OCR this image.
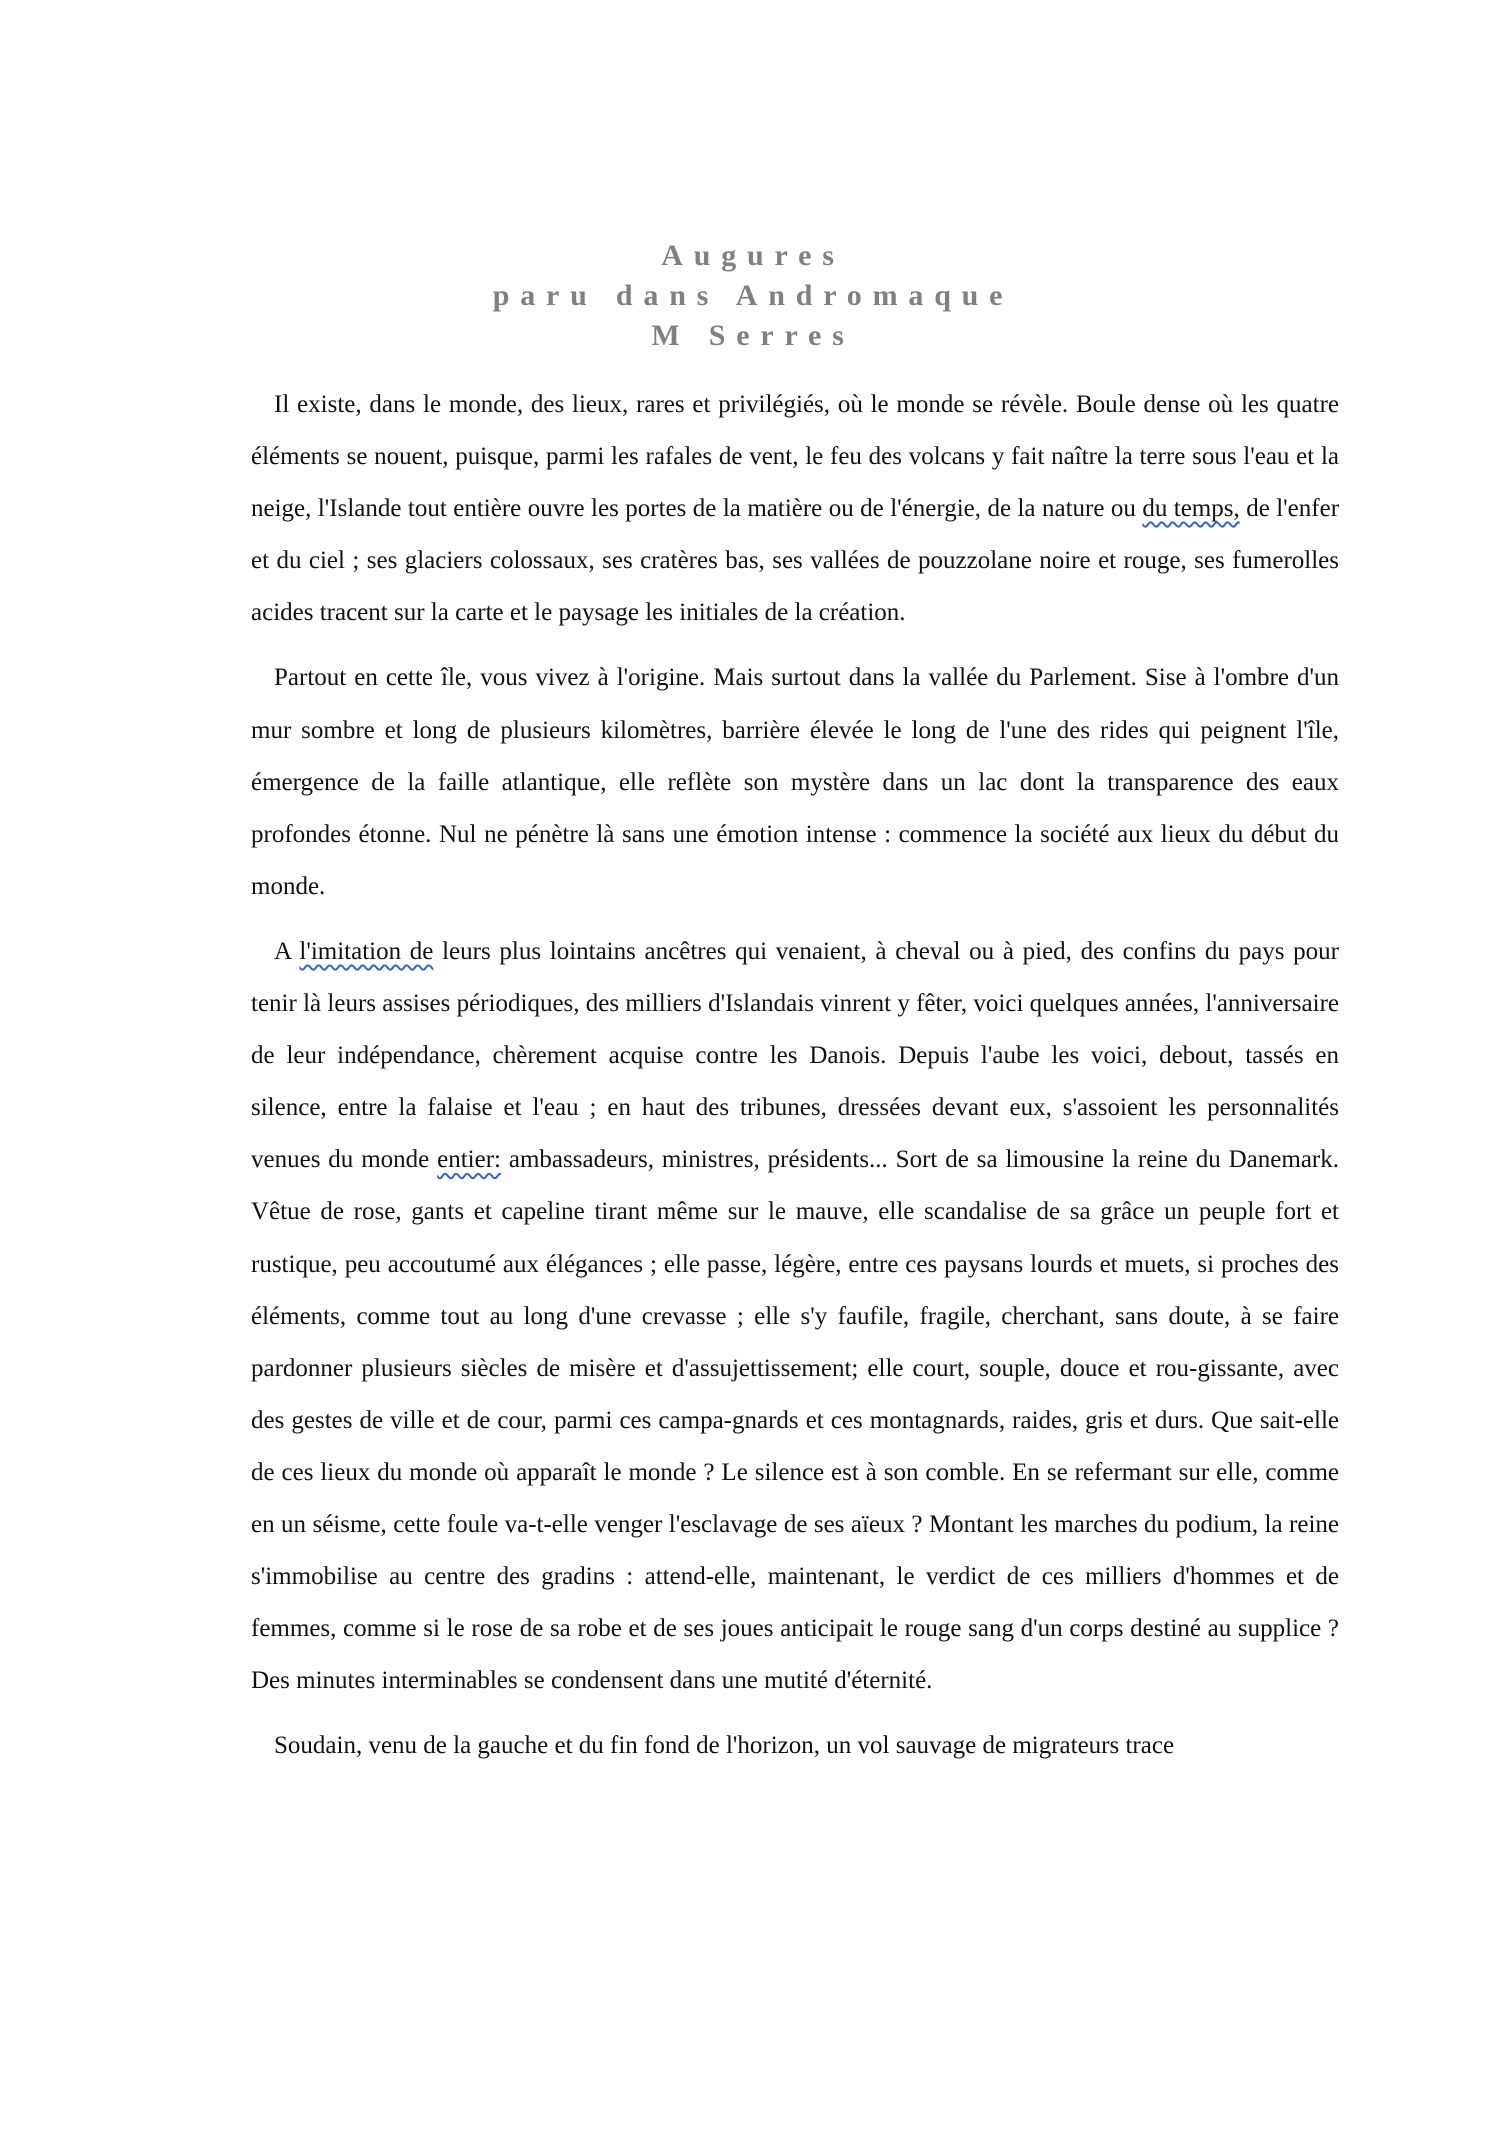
Augures
paru dans Andromaque
M Serres

Il existe, dans le monde, des lieux, rares et privilégiés, où le monde se révèle. Boule dense où les quatre éléments se nouent, puisque, parmi les rafales de vent, le feu des volcans y fait naître la terre sous l'eau et la neige, l'Islande tout entière ouvre les portes de la matière ou de l'énergie, de la nature ou du temps, de l'enfer et du ciel ; ses glaciers colossaux, ses cratères bas, ses vallées de pouzzolane noire et rouge, ses fumerolles acides tracent sur la carte et le paysage les initiales de la création.

Partout en cette île, vous vivez à l'origine. Mais surtout dans la vallée du Parlement. Sise à l'ombre d'un mur sombre et long de plusieurs kilomètres, barrière élevée le long de l'une des rides qui peignent l'île, émergence de la faille atlantique, elle reflète son mystère dans un lac dont la transparence des eaux profondes étonne. Nul ne pénètre là sans une émotion intense : commence la société aux lieux du début du monde.

A l'imitation de leurs plus lointains ancêtres qui venaient, à cheval ou à pied, des confins du pays pour tenir là leurs assises périodiques, des milliers d'Islandais vinrent y fêter, voici quelques années, l'anniversaire de leur indépendance, chèrement acquise contre les Danois. Depuis l'aube les voici, debout, tassés en silence, entre la falaise et l'eau ; en haut des tribunes, dressées devant eux, s'assoient les personnalités venues du monde entier: ambassadeurs, ministres, présidents... Sort de sa limousine la reine du Danemark. Vêtue de rose, gants et capeline tirant même sur le mauve, elle scandalise de sa grâce un peuple fort et rustique, peu accoutumé aux élégances ; elle passe, légère, entre ces paysans lourds et muets, si proches des éléments, comme tout au long d'une crevasse ; elle s'y faufile, fragile, cherchant, sans doute, à se faire pardonner plusieurs siècles de misère et d'assujettissement; elle court, souple, douce et rou-gissante, avec des gestes de ville et de cour, parmi ces campa-gnards et ces montagnards, raides, gris et durs. Que sait-elle de ces lieux du monde où apparaît le monde ? Le silence est à son comble. En se refermant sur elle, comme en un séisme, cette foule va-t-elle venger l'esclavage de ses aïeux ? Montant les marches du podium, la reine s'immobilise au centre des gradins : attend-elle, maintenant, le verdict de ces milliers d'hommes et de femmes, comme si le rose de sa robe et de ses joues anticipait le rouge sang d'un corps destiné au supplice ? Des minutes interminables se condensent dans une mutité d'éternité.

Soudain, venu de la gauche et du fin fond de l'horizon, un vol sauvage de migrateurs trace
